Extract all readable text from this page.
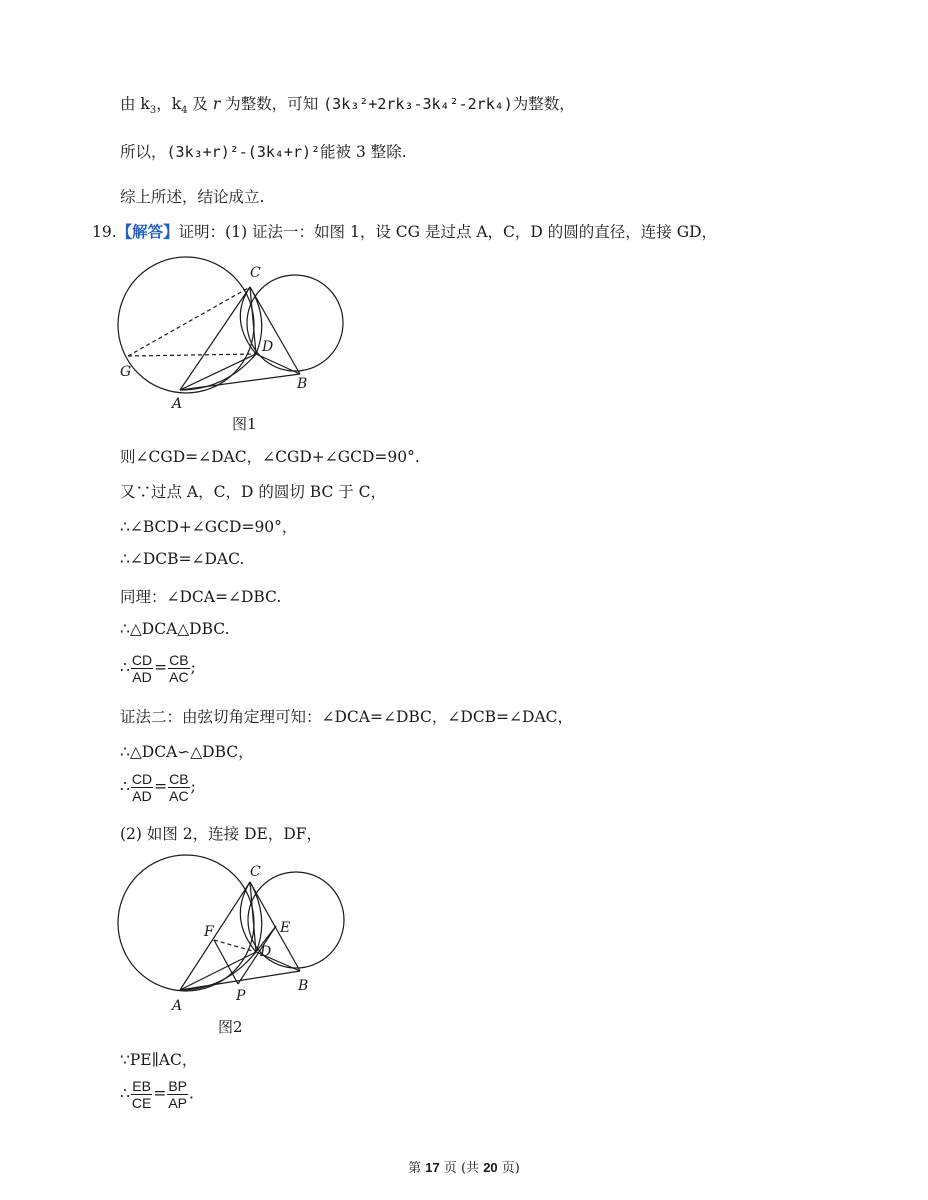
由 $k_3$，$k_4$ 及 r 为整数，可知 (3k₃²+2rk₃-3k₄²-2rk₄)为整数，
所以，(3k₃+r)²-(3k₄+r)²能被 3 整除.
综上所述，结论成立.
19.【解答】证明：(1) 证法一：如图 1，设 CG 是过点 A，C，D 的圆的直径，连接 GD，
C
D
G
A
B
图1
则∠CGD=∠DAC，∠CGD+∠GCD=90°.
又∵过点 A，C，D 的圆切 BC 于 C，
∴∠BCD+∠GCD=90°，
∴∠DCB=∠DAC.
同理：∠DCA=∠DBC.
∴△DCA△DBC.
∴ $\frac{CD}{AD} = \frac{CB}{AC}$ ;
证法二：由弦切角定理可知：∠DCA=∠DBC，∠DCB=∠DAC，
∴△DCA∽△DBC，
∴ $\frac{CD}{AD} = \frac{CB}{AC}$ ;
(2) 如图 2，连接 DE，DF，
C
F	E
D
A
P
B
图2
∵PE∥AC，
∴ $\frac{EB}{CE} = \frac{BP}{AP}$ .
第 17 页 (共 20 页)
